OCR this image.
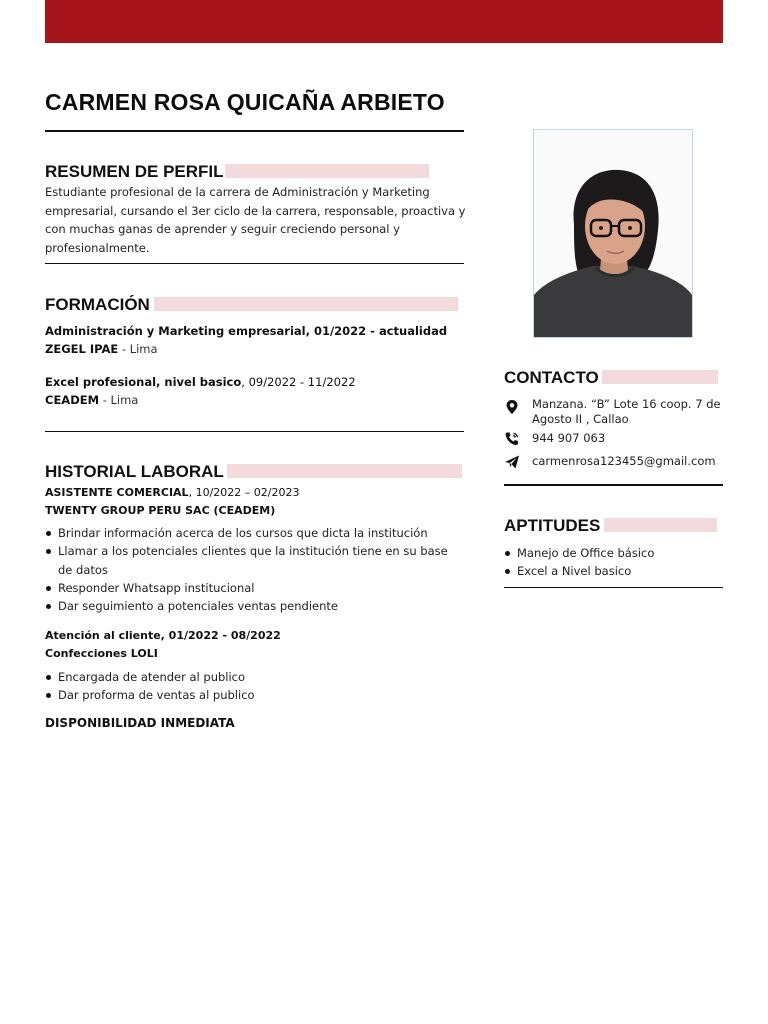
CARMEN ROSA QUICAÑA ARBIETO
RESUMEN DE PERFIL
Estudiante profesional de la carrera de Administración y Marketing empresarial, cursando el 3er ciclo de la carrera, responsable, proactiva y con muchas ganas de aprender y seguir creciendo personal y profesionalmente.
FORMACIÓN
Administración y Marketing empresarial, 01/2022 - actualidad
ZEGEL IPAE - Lima
Excel profesional, nivel basico, 09/2022 - 11/2022
CEADEM - Lima
HISTORIAL LABORAL
ASISTENTE COMERCIAL, 10/2022 – 02/2023
TWENTY GROUP PERU SAC (CEADEM)
Brindar información acerca de los cursos que dicta la institución
Llamar a los potenciales clientes que la institución tiene en su base de datos
Responder Whatsapp institucional
Dar seguimiento a potenciales ventas pendiente
Atención al cliente, 01/2022 - 08/2022
Confecciones LOLI
Encargada de atender al publico
Dar proforma de ventas al publico
DISPONIBILIDAD INMEDIATA
CONTACTO
Manzana. “B” Lote 16 coop. 7 de Agosto II , Callao
944 907 063
carmenrosa123455@gmail.com
APTITUDES
Manejo de Office básico
Excel a Nivel basico
